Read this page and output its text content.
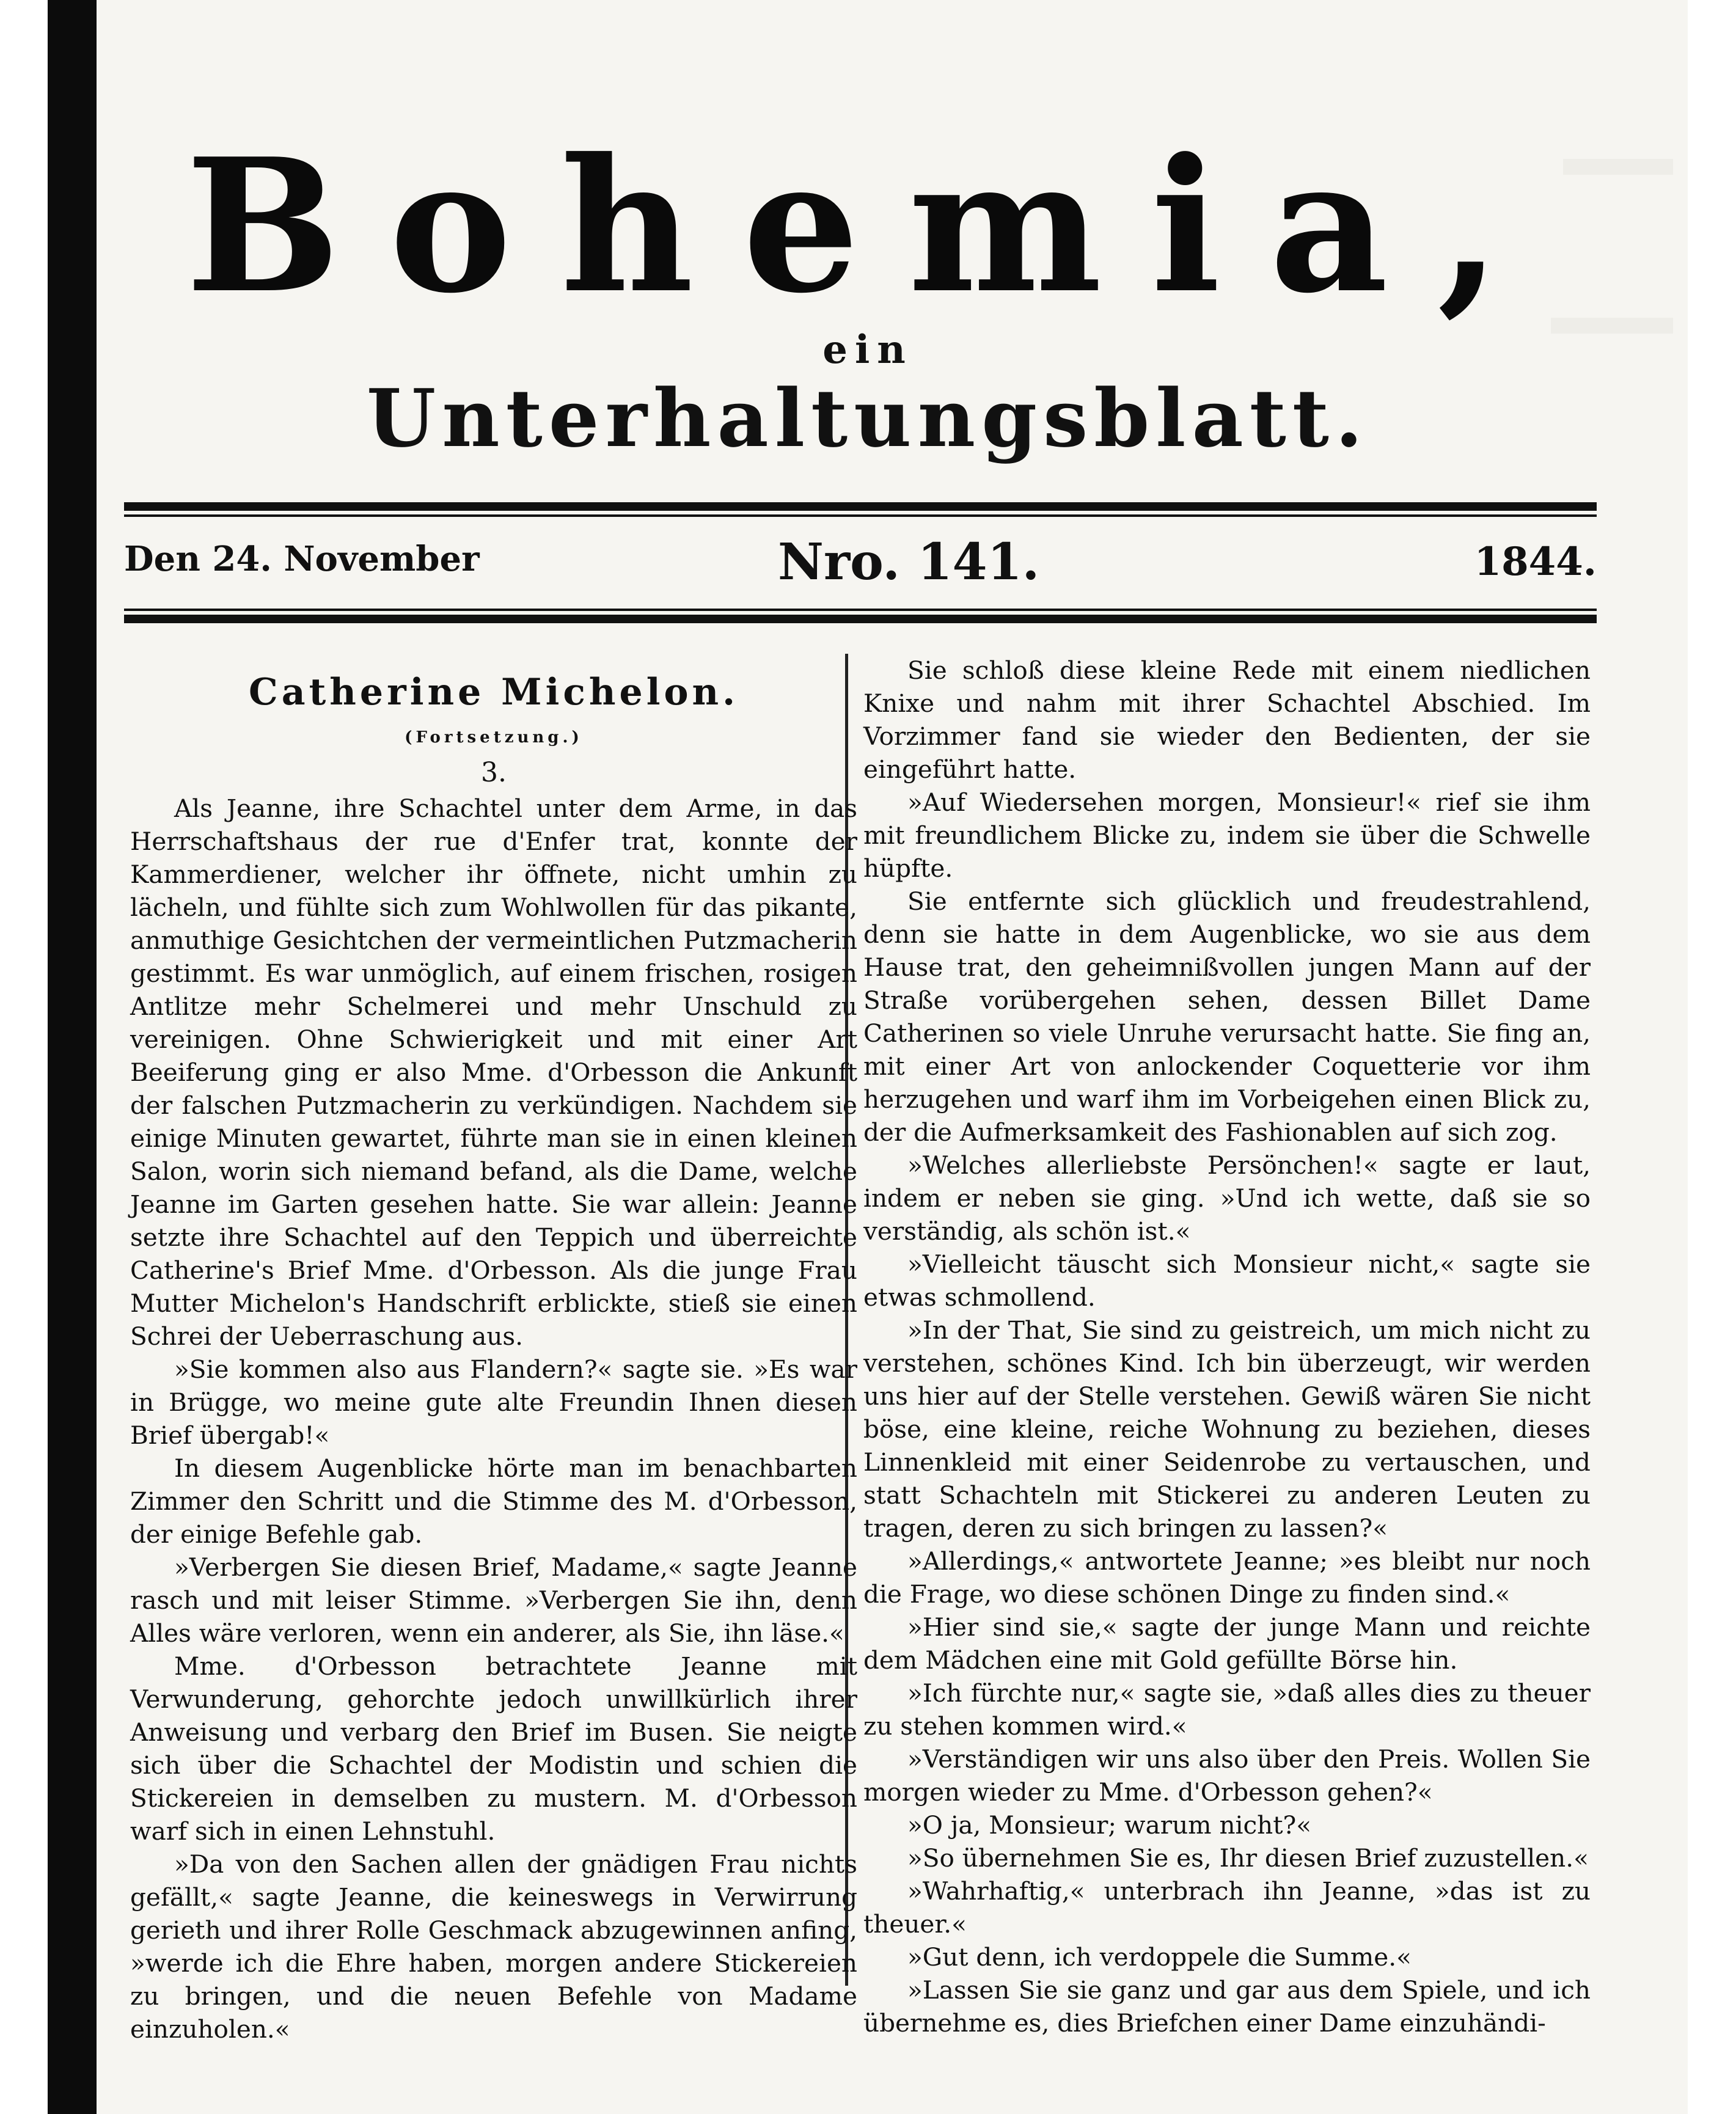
Bohemia,
ein
Unterhaltungsblatt.
Den 24. November	Nro. 141.	1844.
Catherine Michelon.
(Fortsetzung.)
3.

Als Jeanne, ihre Schachtel unter dem Arme, in das Herrschaftshaus der rue d'Enfer trat, konnte der Kammerdiener, welcher ihr öffnete, nicht umhin zu lächeln, und fühlte sich zum Wohlwollen für das pikante, anmuthige Gesichtchen der vermeintlichen Putzmacherin gestimmt. Es war unmöglich, auf einem frischen, rosigen Antlitze mehr Schelmerei und mehr Unschuld zu vereinigen. Ohne Schwierigkeit und mit einer Art Beeiferung ging er also Mme. d'Orbesson die Ankunft der falschen Putzmacherin zu verkündigen. Nachdem sie einige Minuten gewartet, führte man sie in einen kleinen Salon, worin sich niemand befand, als die Dame, welche Jeanne im Garten gesehen hatte. Sie war allein: Jeanne setzte ihre Schachtel auf den Teppich und überreichte Catherine's Brief Mme. d'Orbesson. Als die junge Frau Mutter Michelon's Handschrift erblickte, stieß sie einen Schrei der Ueberraschung aus.

»Sie kommen also aus Flandern?« sagte sie. »Es war in Brügge, wo meine gute alte Freundin Ihnen diesen Brief übergab!«

In diesem Augenblicke hörte man im benachbarten Zimmer den Schritt und die Stimme des M. d'Orbesson, der einige Befehle gab.

»Verbergen Sie diesen Brief, Madame,« sagte Jeanne rasch und mit leiser Stimme. »Verbergen Sie ihn, denn Alles wäre verloren, wenn ein anderer, als Sie, ihn läse.«

Mme. d'Orbesson betrachtete Jeanne mit Verwunderung, gehorchte jedoch unwillkürlich ihrer Anweisung und verbarg den Brief im Busen. Sie neigte sich über die Schachtel der Modistin und schien die Stickereien in demselben zu mustern. M. d'Orbesson warf sich in einen Lehnstuhl.

»Da von den Sachen allen der gnädigen Frau nichts gefällt,« sagte Jeanne, die keineswegs in Verwirrung gerieth und ihrer Rolle Geschmack abzugewinnen anfing, »werde ich die Ehre haben, morgen andere Stickereien zu bringen, und die neuen Befehle von Madame einzuholen.«

Sie schloß diese kleine Rede mit einem niedlichen Knixe und nahm mit ihrer Schachtel Abschied. Im Vorzimmer fand sie wieder den Bedienten, der sie eingeführt hatte.

»Auf Wiedersehen morgen, Monsieur!« rief sie ihm mit freundlichem Blicke zu, indem sie über die Schwelle hüpfte.

Sie entfernte sich glücklich und freudestrahlend, denn sie hatte in dem Augenblicke, wo sie aus dem Hause trat, den geheimnißvollen jungen Mann auf der Straße vorübergehen sehen, dessen Billet Dame Catherinen so viele Unruhe verursacht hatte. Sie fing an, mit einer Art von anlockender Coquetterie vor ihm herzugehen und warf ihm im Vorbeigehen einen Blick zu, der die Aufmerksamkeit des Fashionablen auf sich zog.

»Welches allerliebste Persönchen!« sagte er laut, indem er neben sie ging. »Und ich wette, daß sie so verständig, als schön ist.«

»Vielleicht täuscht sich Monsieur nicht,« sagte sie etwas schmollend.

»In der That, Sie sind zu geistreich, um mich nicht zu verstehen, schönes Kind. Ich bin überzeugt, wir werden uns hier auf der Stelle verstehen. Gewiß wären Sie nicht böse, eine kleine, reiche Wohnung zu beziehen, dieses Linnenkleid mit einer Seidenrobe zu vertauschen, und statt Schachteln mit Stickerei zu anderen Leuten zu tragen, deren zu sich bringen zu lassen?«

»Allerdings,« antwortete Jeanne; »es bleibt nur noch die Frage, wo diese schönen Dinge zu finden sind.«

»Hier sind sie,« sagte der junge Mann und reichte dem Mädchen eine mit Gold gefüllte Börse hin.

»Ich fürchte nur,« sagte sie, »daß alles dies zu theuer zu stehen kommen wird.«

»Verständigen wir uns also über den Preis. Wollen Sie morgen wieder zu Mme. d'Orbesson gehen?«

»O ja, Monsieur; warum nicht?«

»So übernehmen Sie es, Ihr diesen Brief zuzustellen.«

»Wahrhaftig,« unterbrach ihn Jeanne, »das ist zu theuer.«

»Gut denn, ich verdoppele die Summe.«

»Lassen Sie sie ganz und gar aus dem Spiele, und ich übernehme es, dies Briefchen einer Dame einzuhändi-
